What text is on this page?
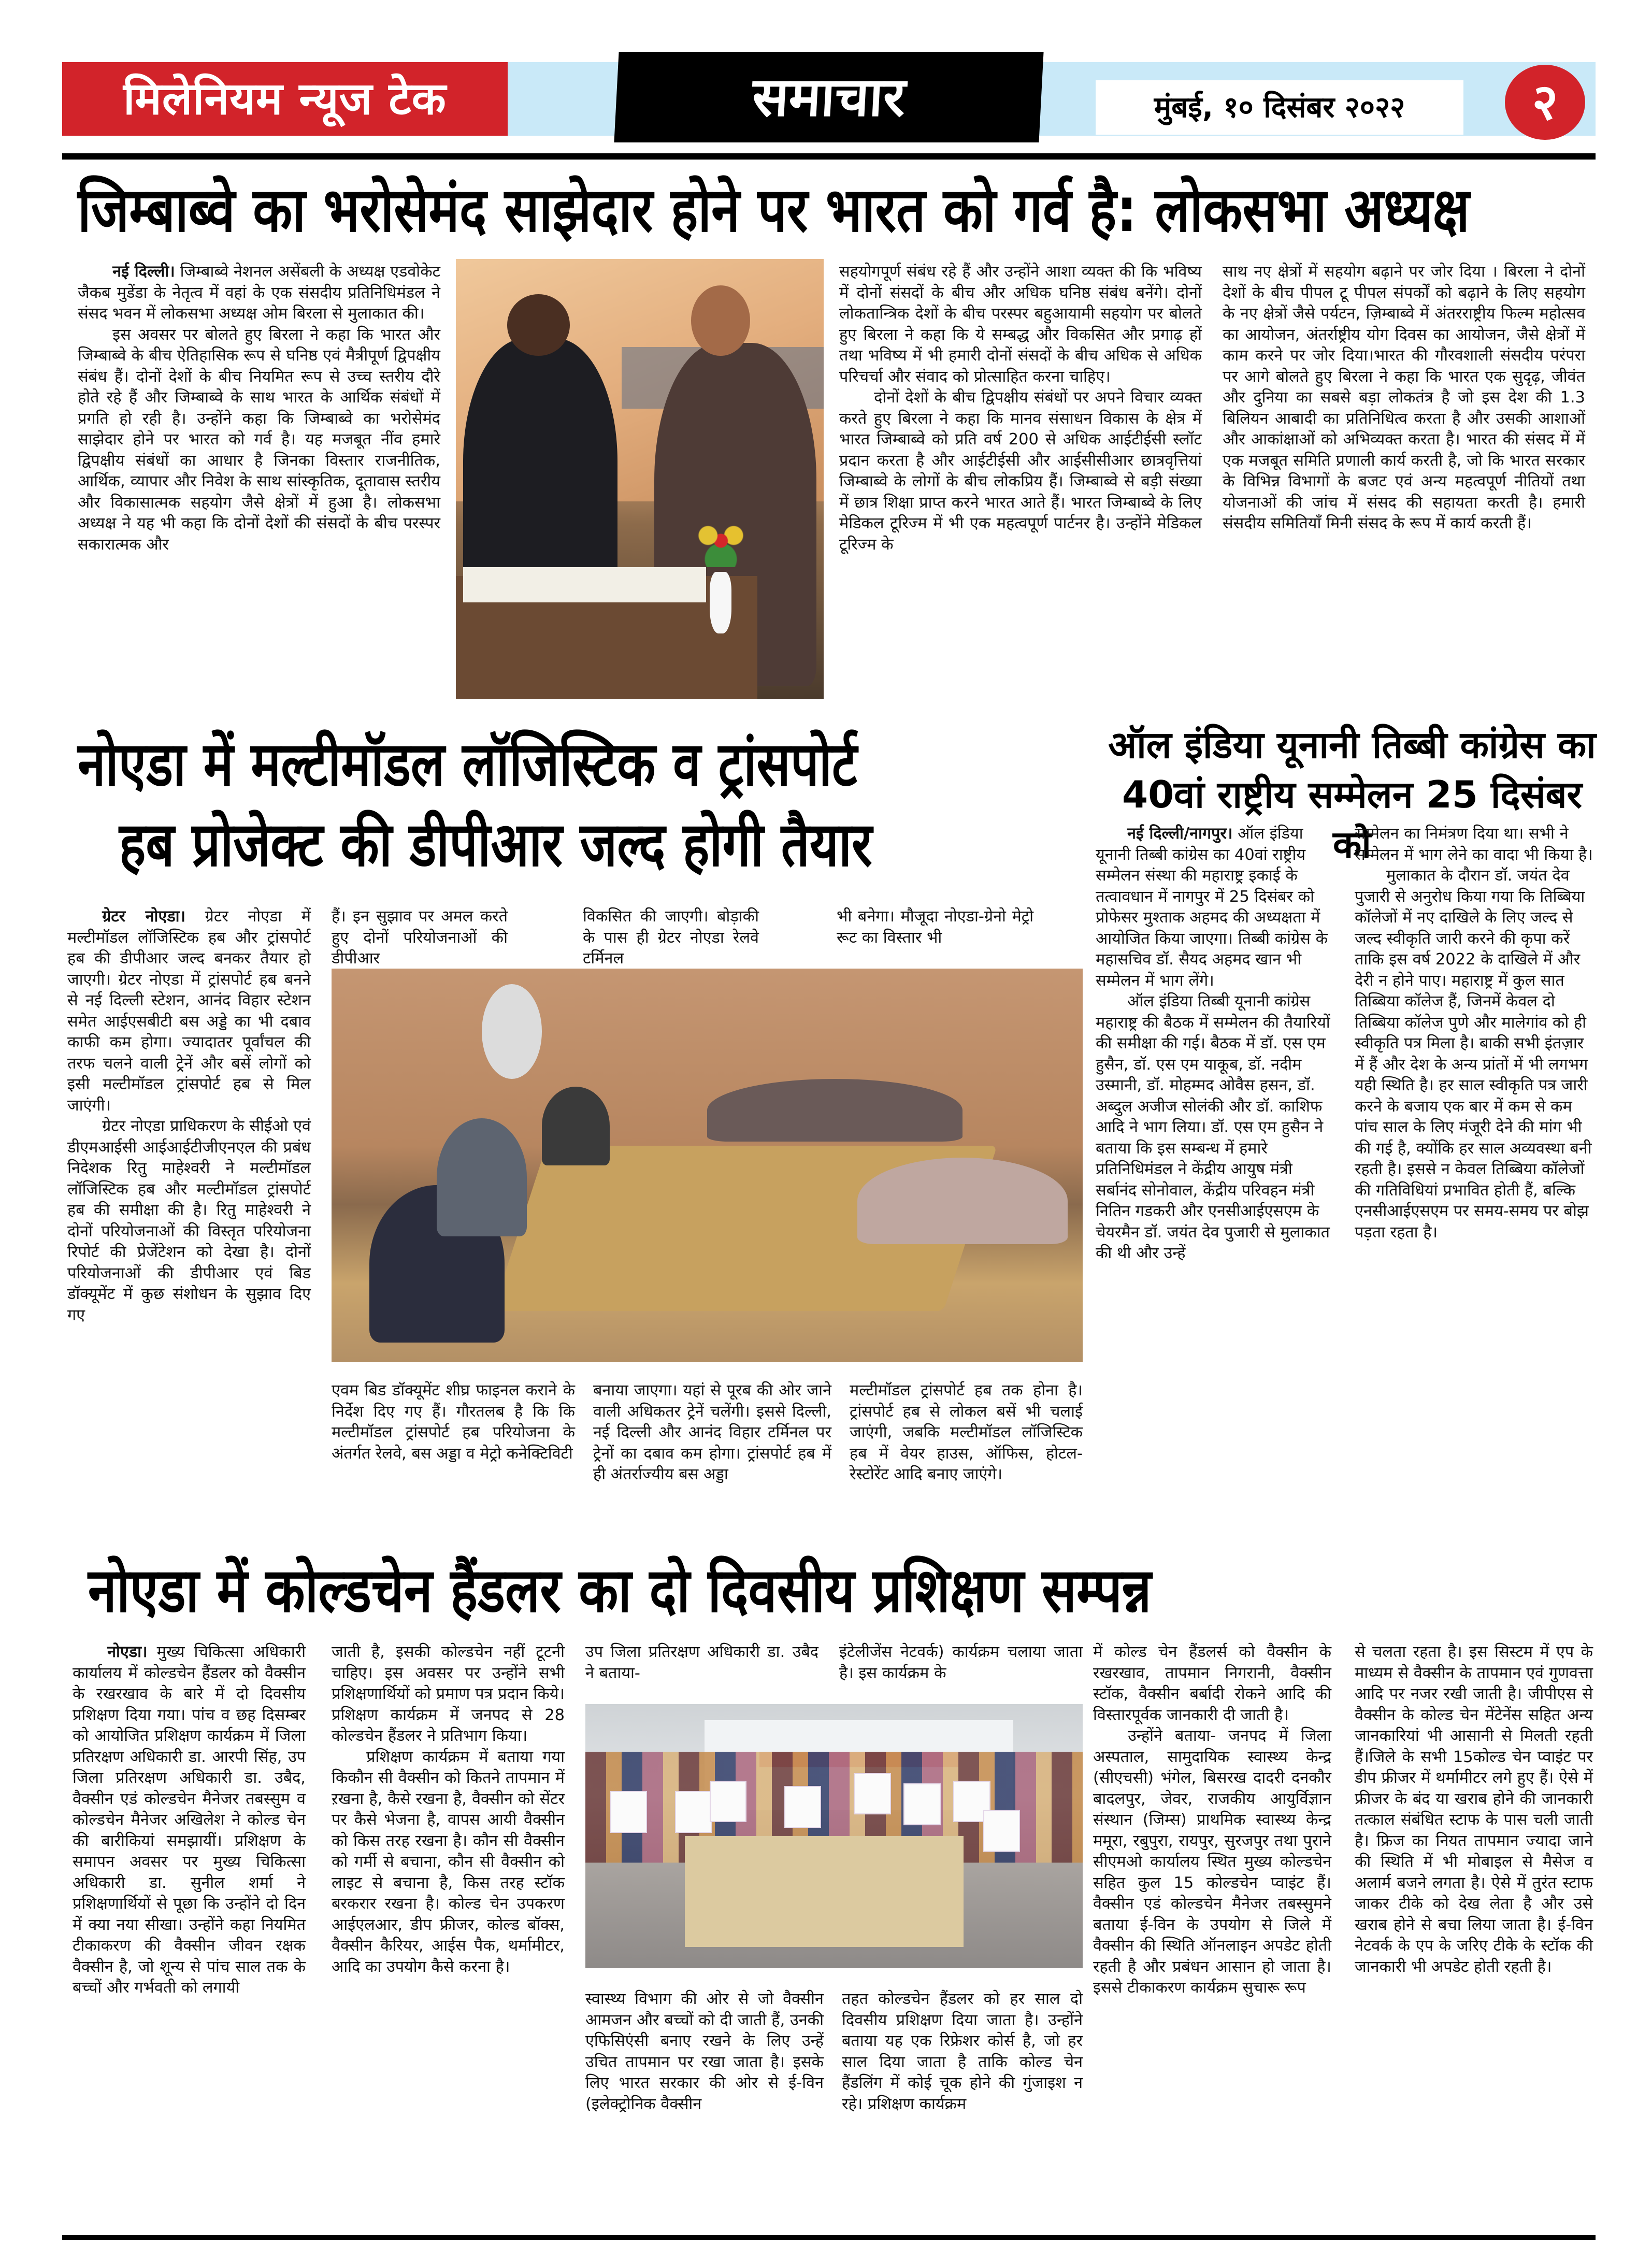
मिलेनियम न्यूज टेक	समाचार	मुंबई, १० दिसंबर २०२२	२
जिम्बाब्वे का भरोसेमंद साझेदार होने पर भारत को गर्व है: लोकसभा अध्यक्ष

नई दिल्ली। जिम्बाब्वे नेशनल असेंबली के अध्यक्ष एडवोकेट जैकब मुडेंडा के नेतृत्व में वहां के एक संसदीय प्रतिनिधिमंडल ने संसद भवन में लोकसभा अध्यक्ष ओम बिरला से मुलाकात की।

इस अवसर पर बोलते हुए बिरला ने कहा कि भारत और जिम्बाब्वे के बीच ऐतिहासिक रूप से घनिष्ठ एवं मैत्रीपूर्ण द्विपक्षीय संबंध हैं। दोनों देशों के बीच नियमित रूप से उच्च स्तरीय दौरे होते रहे हैं और जिम्बाब्वे के साथ भारत के आर्थिक संबंधों में प्रगति हो रही है। उन्होंने कहा कि जिम्बाब्वे का भरोसेमंद साझेदार होने पर भारत को गर्व है। यह मजबूत नींव हमारे द्विपक्षीय संबंधों का आधार है जिनका विस्तार राजनीतिक, आर्थिक, व्यापार और निवेश के साथ सांस्कृतिक, दूतावास स्तरीय और विकासात्मक सहयोग जैसे क्षेत्रों में हुआ है। लोकसभा अध्यक्ष ने यह भी कहा कि दोनों देशों की संसदों के बीच परस्पर सकारात्मक और

सहयोगपूर्ण संबंध रहे हैं और उन्होंने आशा व्यक्त की कि भविष्य में दोनों संसदों के बीच और अधिक घनिष्ठ संबंध बनेंगे। दोनों लोकतान्त्रिक देशों के बीच परस्पर बहुआयामी सहयोग पर बोलते हुए बिरला ने कहा कि ये सम्बद्ध और विकसित और प्रगाढ़ हों तथा भविष्य में भी हमारी दोनों संसदों के बीच अधिक से अधिक परिचर्चा और संवाद को प्रोत्साहित करना चाहिए।

दोनों देशों के बीच द्विपक्षीय संबंधों पर अपने विचार व्यक्त करते हुए बिरला ने कहा कि मानव संसाधन विकास के क्षेत्र में भारत जिम्बाब्वे को प्रति वर्ष 200 से अधिक आईटीईसी स्लॉट प्रदान करता है और आईटीईसी और आईसीसीआर छात्रवृत्तियां जिम्बाब्वे के लोगों के बीच लोकप्रिय हैं। जिम्बाब्वे से बड़ी संख्या में छात्र शिक्षा प्राप्त करने भारत आते हैं। भारत जिम्बाब्वे के लिए मेडिकल टूरिज्म में भी एक महत्वपूर्ण पार्टनर है। उन्होंने मेडिकल टूरिज्म के

साथ नए क्षेत्रों में सहयोग बढ़ाने पर जोर दिया । बिरला ने दोनों देशों के बीच पीपल टू पीपल संपर्कों को बढ़ाने के लिए सहयोग के नए क्षेत्रों जैसे पर्यटन, ज़िम्बाब्वे में अंतरराष्ट्रीय फिल्म महोत्सव का आयोजन, अंतर्राष्ट्रीय योग दिवस का आयोजन, जैसे क्षेत्रों में काम करने पर जोर दिया।भारत की गौरवशाली संसदीय परंपरा पर आगे बोलते हुए बिरला ने कहा कि भारत एक सुदृढ़, जीवंत और दुनिया का सबसे बड़ा लोकतंत्र है जो इस देश की 1.3 बिलियन आबादी का प्रतिनिधित्व करता है और उसकी आशाओं और आकांक्षाओं को अभिव्यक्त करता है। भारत की संसद में में एक मजबूत समिति प्रणाली कार्य करती है, जो कि भारत सरकार के विभिन्न विभागों के बजट एवं अन्य महत्वपूर्ण नीतियों तथा योजनाओं की जांच में संसद की सहायता करती है। हमारी संसदीय समितियाँ मिनी संसद के रूप में कार्य करती हैं।

नोएडा में मल्टीमॉडल लॉजिस्टिक व ट्रांसपोर्ट
हब प्रोजेक्ट की डीपीआर जल्द होगी तैयार

ग्रेटर नोएडा। ग्रेटर नोएडा में मल्टीमॉडल लॉजिस्टिक हब और ट्रांसपोर्ट हब की डीपीआर जल्द बनकर तैयार हो जाएगी। ग्रेटर नोएडा में ट्रांसपोर्ट हब बनने से नई दिल्ली स्टेशन, आनंद विहार स्टेशन समेत आईएसबीटी बस अड्डे का भी दबाव काफी कम होगा। ज्यादातर पूर्वांचल की तरफ चलने वाली ट्रेनें और बसें लोगों को इसी मल्टीमॉडल ट्रांसपोर्ट हब से मिल जाएंगी।

ग्रेटर नोएडा प्राधिकरण के सीईओ एवं डीएमआईसी आईआईटीजीएनएल की प्रबंध निदेशक रितु माहेश्वरी ने मल्टीमॉडल लॉजिस्टिक हब और मल्टीमॉडल ट्रांसपोर्ट हब की समीक्षा की है। रितु माहेश्वरी ने दोनों परियोजनाओं की विस्तृत परियोजना रिपोर्ट की प्रेजेंटेशन को देखा है। दोनों परियोजनाओं की डीपीआर एवं बिड डॉक्यूमेंट में कुछ संशोधन के सुझाव दिए गए

हैं। इन सुझाव पर अमल करते हुए दोनों परियोजनाओं की डीपीआर
विकसित की जाएगी। बोड़ाकी के पास ही ग्रेटर नोएडा रेलवे टर्मिनल
भी बनेगा। मौजूदा नोएडा-ग्रेनो मेट्रो रूट का विस्तार भी
एवम बिड डॉक्यूमेंट शीघ्र फाइनल कराने के निर्देश दिए गए हैं। गौरतलब है कि कि मल्टीमॉडल ट्रांसपोर्ट हब परियोजना के अंतर्गत रेलवे, बस अड्डा व मेट्रो कनेक्टिविटी
बनाया जाएगा। यहां से पूरब की ओर जाने वाली अधिकतर ट्रेनें चलेंगी। इससे दिल्ली, नई दिल्ली और आनंद विहार टर्मिनल पर ट्रेनों का दबाव कम होगा। ट्रांसपोर्ट हब में ही अंतर्राज्यीय बस अड्डा
मल्टीमॉडल ट्रांसपोर्ट हब तक होना है। ट्रांसपोर्ट हब से लोकल बसें भी चलाई जाएंगी, जबकि मल्टीमॉडल लॉजिस्टिक हब में वेयर हाउस, ऑफिस, होटल-रेस्टोरेंट आदि बनाए जाएंगे।
ऑल इंडिया यूनानी तिब्बी कांग्रेस का 40वां राष्ट्रीय सम्मेलन 25 दिसंबर को

नई दिल्ली/नागपुर। ऑल इंडिया यूनानी तिब्बी कांग्रेस का 40वां राष्ट्रीय सम्मेलन संस्था की महाराष्ट्र इकाई के तत्वावधान में नागपुर में 25 दिसंबर को प्रोफेसर मुश्ताक अहमद की अध्यक्षता में आयोजित किया जाएगा। तिब्बी कांग्रेस के महासचिव डॉ. सैयद अहमद खान भी सम्मेलन में भाग लेंगे।

ऑल इंडिया तिब्बी यूनानी कांग्रेस महाराष्ट्र की बैठक में सम्मेलन की तैयारियों की समीक्षा की गई। बैठक में डॉ. एस एम हुसैन, डॉ. एस एम याकूब, डॉ. नदीम उस्मानी, डॉ. मोहम्मद ओवैस हसन, डॉ. अब्दुल अजीज सोलंकी और डॉ. काशिफ आदि ने भाग लिया। डॉ. एस एम हुसैन ने बताया कि इस सम्बन्ध में हमारे प्रतिनिधिमंडल ने केंद्रीय आयुष मंत्री सर्बानंद सोनोवाल, केंद्रीय परिवहन मंत्री नितिन गडकरी और एनसीआईएसएम के चेयरमैन डॉ. जयंत देव पुजारी से मुलाकात की थी और उन्हें

सम्मेलन का निमंत्रण दिया था। सभी ने सम्मेलन में भाग लेने का वादा भी किया है।

मुलाकात के दौरान डॉ. जयंत देव पुजारी से अनुरोध किया गया कि तिब्बिया कॉलेजों में नए दाखिले के लिए जल्द से जल्द स्वीकृति जारी करने की कृपा करें ताकि इस वर्ष 2022 के दाखिले में और देरी न होने पाए। महाराष्ट्र में कुल सात तिब्बिया कॉलेज हैं, जिनमें केवल दो तिब्बिया कॉलेज पुणे और मालेगांव को ही स्वीकृति पत्र मिला है। बाकी सभी इंतज़ार में हैं और देश के अन्य प्रांतों में भी लगभग यही स्थिति है। हर साल स्वीकृति पत्र जारी करने के बजाय एक बार में कम से कम पांच साल के लिए मंजूरी देने की मांग भी की गई है, क्योंकि हर साल अव्यवस्था बनी रहती है। इससे न केवल तिब्बिया कॉलेजों की गतिविधियां प्रभावित होती हैं, बल्कि एनसीआईएसएम पर समय-समय पर बोझ पड़ता रहता है।

नोएडा में कोल्डचेन हैंडलर का दो दिवसीय प्रशिक्षण सम्पन्न

नोएडा। मुख्य चिकित्सा अधिकारी कार्यालय में कोल्डचेन हैंडलर को वैक्सीन के रखरखाव के बारे में दो दिवसीय प्रशिक्षण दिया गया। पांच व छह दिसम्बर को आयोजित प्रशिक्षण कार्यक्रम में जिला प्रतिरक्षण अधिकारी डा. आरपी सिंह, उप जिला प्रतिरक्षण अधिकारी डा. उबैद, वैक्सीन एडं कोल्डचेन मैनेजर तबस्सुम व कोल्डचेन मैनेजर अखिलेश ने कोल्ड चेन की बारीकियां समझायीं। प्रशिक्षण के समापन अवसर पर मुख्य चिकित्सा अधिकारी डा. सुनील शर्मा ने प्रशिक्षणार्थियों से पूछा कि उन्होंने दो दिन में क्या नया सीखा। उन्होंने कहा नियमित टीकाकरण की वैक्सीन जीवन रक्षक वैक्सीन है, जो शून्य से पांच साल तक के बच्चों और गर्भवती को लगायी

जाती है, इसकी कोल्डचेन नहीं टूटनी चाहिए। इस अवसर पर उन्होंने सभी प्रशिक्षणार्थियों को प्रमाण पत्र प्रदान किये। प्रशिक्षण कार्यक्रम में जनपद से 28 कोल्डचेन हैंडलर ने प्रतिभाग किया।

प्रशिक्षण कार्यक्रम में बताया गया किकौन सी वैक्सीन को कितने तापमान में ऱखना है, कैसे रखना है, वैक्सीन को सेंटर पर कैसे भेजना है, वापस आयी वैक्सीन को किस तरह रखना है। कौन सी वैक्सीन को गर्मी से बचाना, कौन सी वैक्सीन को लाइट से बचाना है, किस तरह स्टॉक बरकरार रखना है। कोल्ड चेन उपकरण आईएलआर, डीप फ्रीजर, कोल्ड बॉक्स, वैक्सीन कैरियर, आईस पैक, थर्मामीटर, आदि का उपयोग कैसे करना है।

उप जिला प्रतिरक्षण अधिकारी डा. उबैद ने बताया-
इंटेलीजेंस नेटवर्क) कार्यक्रम चलाया जाता है। इस कार्यक्रम के
स्वास्थ्य विभाग की ओर से जो वैक्सीन आमजन और बच्चों को दी जाती हैं, उनकी एफिसिएंसी बनाए रखने के लिए उन्हें उचित तापमान पर रखा जाता है। इसके लिए भारत सरकार की ओर से ई-विन (इलेक्ट्रोनिक वैक्सीन
तहत कोल्डचेन हैंडलर को हर साल दो दिवसीय प्रशिक्षण दिया जाता है। उन्होंने बताया यह एक रिफ्रेशर कोर्स है, जो हर साल दिया जाता है ताकि कोल्ड चेन हैंडलिंग में कोई चूक होने की गुंजाइश न रहे। प्रशिक्षण कार्यक्रम

में कोल्ड चेन हैंडलर्स को वैक्सीन के रखरखाव, तापमान निगरानी, वैक्सीन स्टॉक, वैक्सीन बर्बादी रोकने आदि की विस्तारपूर्वक जानकारी दी जाती है।

उन्होंने बताया- जनपद में जिला अस्पताल, सामुदायिक स्वास्थ्य केन्द्र (सीएचसी) भंगेल, बिसरख दादरी दनकौर बादलपुर, जेवर, राजकीय आयुर्विज्ञान संस्थान (जिम्स) प्राथमिक स्वास्थ्य केन्द्र ममूरा, रबुपुरा, रायपुर, सुरजपुर तथा पुराने सीएमओ कार्यालय स्थित मुख्य कोल्डचेन सहित कुल 15 कोल्डचेन प्वाइंट हैं। वैक्सीन एडं कोल्डचेन मैनेजर तबस्सुमने बताया ई-विन के उपयोग से जिले में वैक्सीन की स्थिति ऑनलाइन अपडेट होती रहती है और प्रबंधन आसान हो जाता है। इससे टीकाकरण कार्यक्रम सुचारू रूप

से चलता रहता है। इस सिस्टम में एप के माध्यम से वैक्सीन के तापमान एवं गुणवत्ता आदि पर नजर रखी जाती है। जीपीएस से वैक्सीन के कोल्ड चेन मेंटेनेंस सहित अन्य जानकारियां भी आसानी से मिलती रहती हैं।जिले के सभी 15कोल्ड चेन प्वाइंट पर डीप फ्रीजर में थर्मामीटर लगे हुए हैं। ऐसे में फ्रीजर के बंद या खराब होने की जानकारी तत्काल संबंधित स्टाफ के पास चली जाती है। फ्रिज का नियत तापमान ज्यादा जाने की स्थिति में भी मोबाइल से मैसेज व अलार्म बजने लगता है। ऐसे में तुरंत स्टाफ जाकर टीके को देख लेता है और उसे खराब होने से बचा लिया जाता है। ई-विन नेटवर्क के एप के जरिए टीके के स्टॉक की जानकारी भी अपडेट होती रहती है।
